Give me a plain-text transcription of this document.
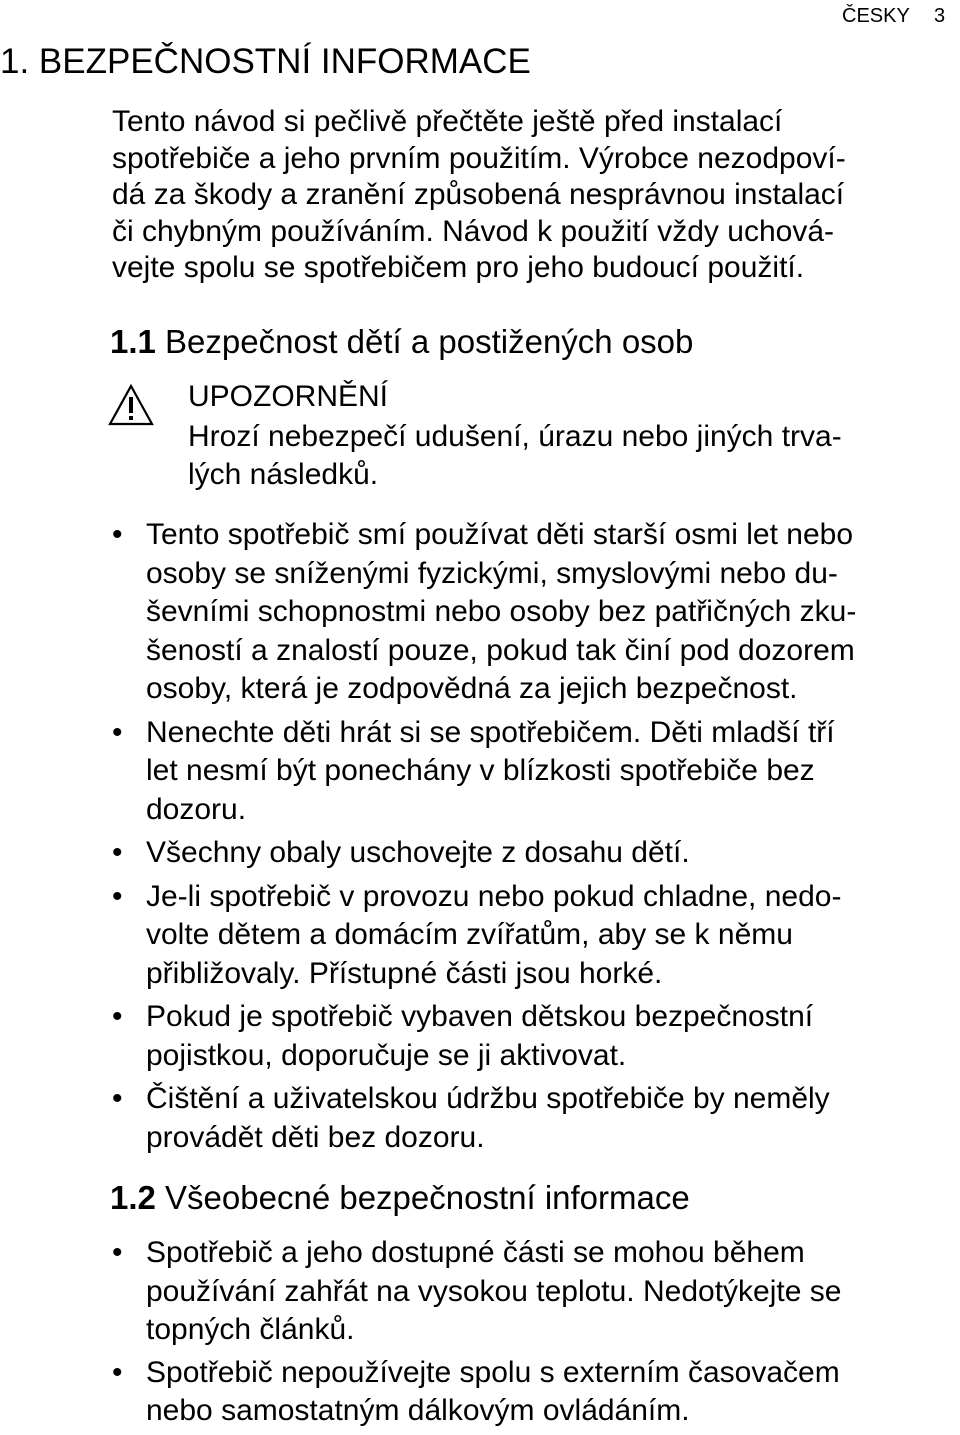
ČESKY 3
1. BEZPEČNOSTNÍ INFORMACE

Tento návod si pečlivě přečtěte ještě před instalací
spotřebiče a jeho prvním použitím. Výrobce nezodpoví-
dá za škody a zranění způsobená nesprávnou instalací
či chybným používáním. Návod k použití vždy uchová-
vejte spolu se spotřebičem pro jeho budoucí použití.

1.1 Bezpečnost dětí a postižených osob
UPOZORNĚNÍ
Hrozí nebezpečí udušení, úrazu nebo jiných trva-
lých následků.
• Tento spotřebič smí používat děti starší osmi let nebo
osoby se sníženými fyzickými, smyslovými nebo du-
ševními schopnostmi nebo osoby bez patřičných zku-
šeností a znalostí pouze, pokud tak činí pod dozorem
osoby, která je zodpovědná za jejich bezpečnost.
• Nenechte děti hrát si se spotřebičem. Děti mladší tří
let nesmí být ponechány v blízkosti spotřebiče bez
dozoru.
• Všechny obaly uschovejte z dosahu dětí.
• Je-li spotřebič v provozu nebo pokud chladne, nedo-
volte dětem a domácím zvířatům, aby se k němu
přibližovaly. Přístupné části jsou horké.
• Pokud je spotřebič vybaven dětskou bezpečnostní
pojistkou, doporučuje se ji aktivovat.
• Čištění a uživatelskou údržbu spotřebiče by neměly
provádět děti bez dozoru.
1.2 Všeobecné bezpečnostní informace
• Spotřebič a jeho dostupné části se mohou během
používání zahřát na vysokou teplotu. Nedotýkejte se
topných článků.
• Spotřebič nepoužívejte spolu s externím časovačem
nebo samostatným dálkovým ovládáním.
